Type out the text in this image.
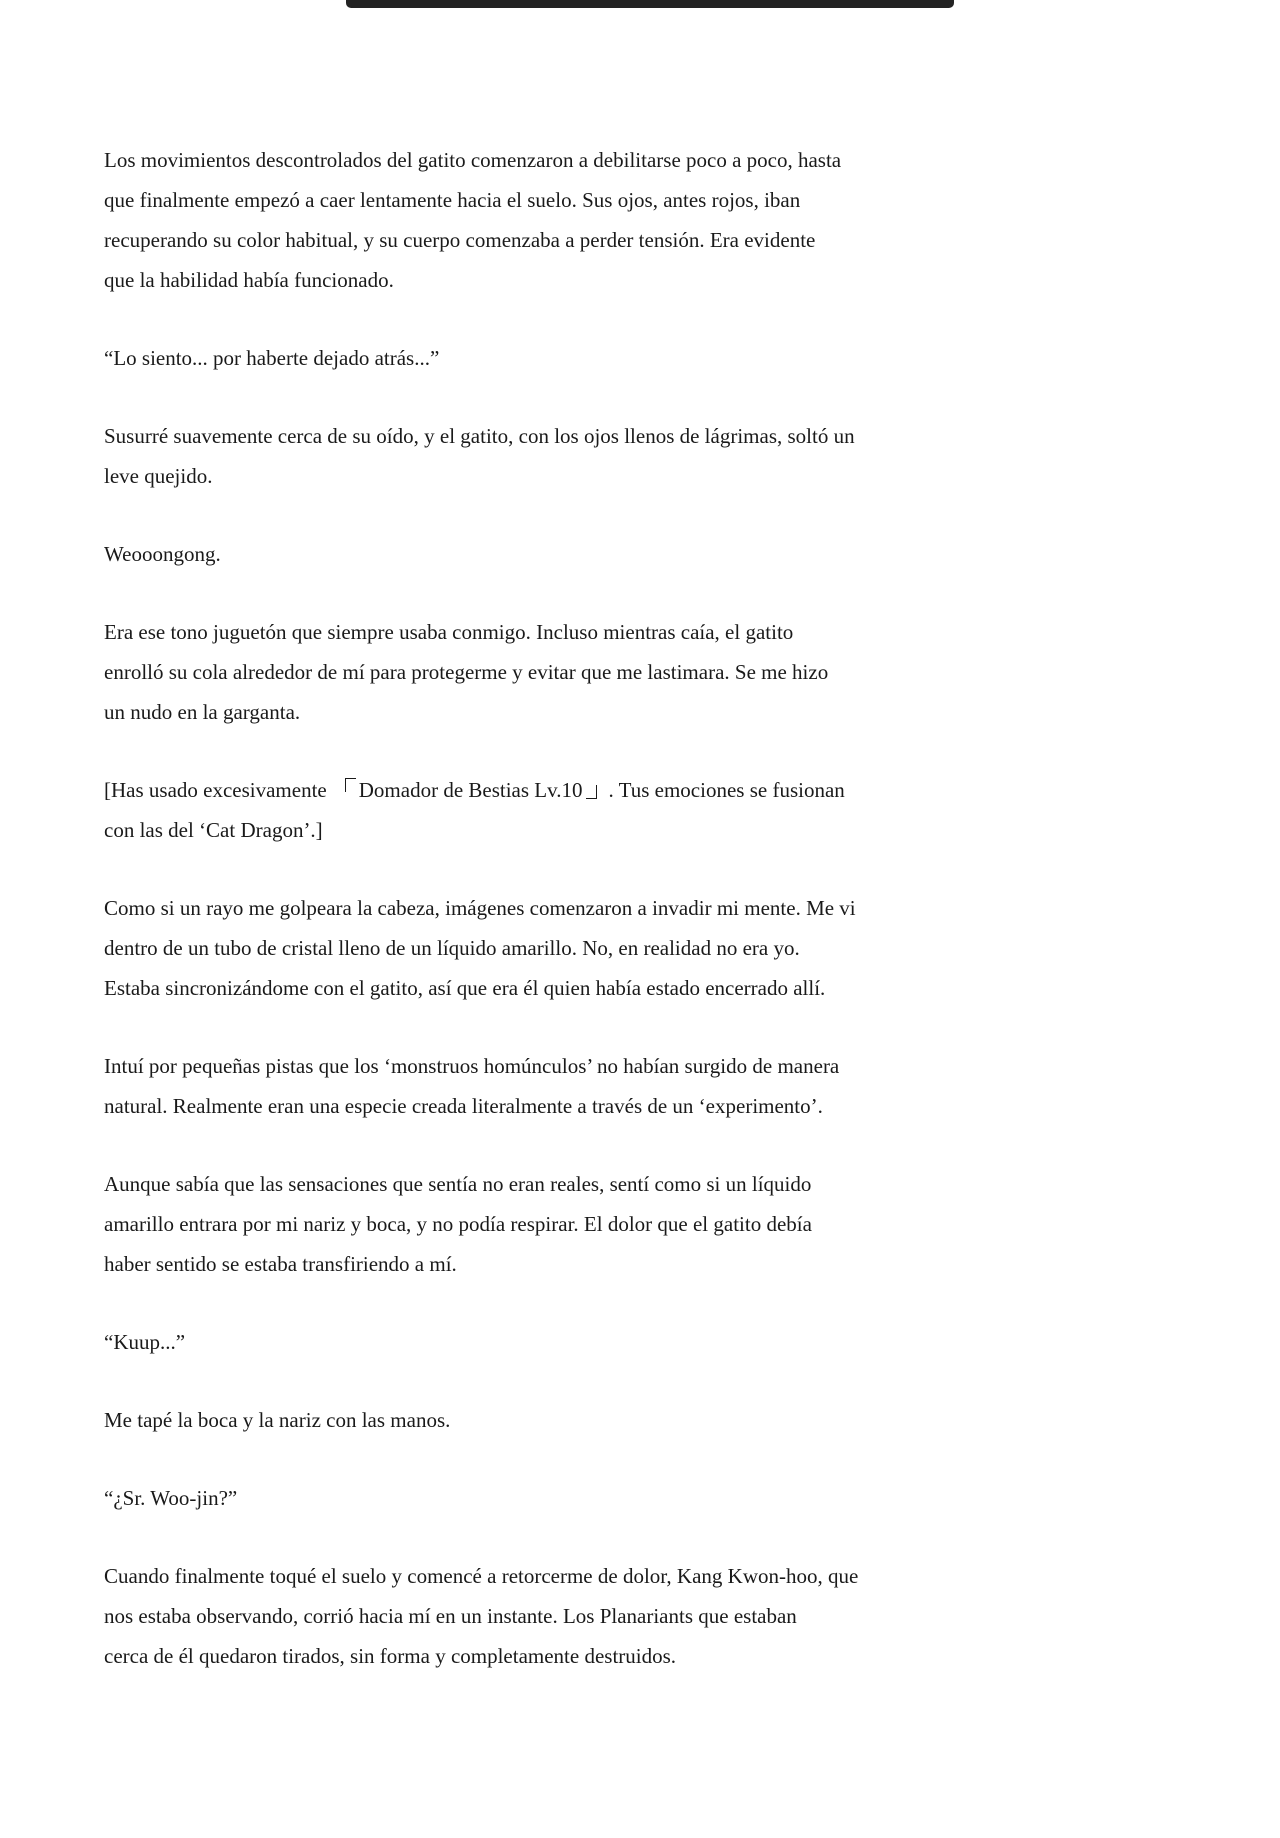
Los movimientos descontrolados del gatito comenzaron a debilitarse poco a poco, hasta
que finalmente empezó a caer lentamente hacia el suelo. Sus ojos, antes rojos, iban
recuperando su color habitual, y su cuerpo comenzaba a perder tensión. Era evidente
que la habilidad había funcionado.

“Lo siento... por haberte dejado atrás...”

Susurré suavemente cerca de su oído, y el gatito, con los ojos llenos de lágrimas, soltó un
leve quejido.

Weooongong.

Era ese tono juguetón que siempre usaba conmigo. Incluso mientras caía, el gatito
enrolló su cola alrededor de mí para protegerme y evitar que me lastimara. Se me hizo
un nudo en la garganta.

[Has usado excesivamente Domador de Bestias Lv.10 . Tus emociones se fusionan
con las del ‘Cat Dragon’.]

Como si un rayo me golpeara la cabeza, imágenes comenzaron a invadir mi mente. Me vi
dentro de un tubo de cristal lleno de un líquido amarillo. No, en realidad no era yo.
Estaba sincronizándome con el gatito, así que era él quien había estado encerrado allí.

Intuí por pequeñas pistas que los ‘monstruos homúnculos’ no habían surgido de manera
natural. Realmente eran una especie creada literalmente a través de un ‘experimento’.

Aunque sabía que las sensaciones que sentía no eran reales, sentí como si un líquido
amarillo entrara por mi nariz y boca, y no podía respirar. El dolor que el gatito debía
haber sentido se estaba transfiriendo a mí.

“Kuup...”

Me tapé la boca y la nariz con las manos.

“¿Sr. Woo-jin?”

Cuando finalmente toqué el suelo y comencé a retorcerme de dolor, Kang Kwon-hoo, que
nos estaba observando, corrió hacia mí en un instante. Los Planariants que estaban
cerca de él quedaron tirados, sin forma y completamente destruidos.
